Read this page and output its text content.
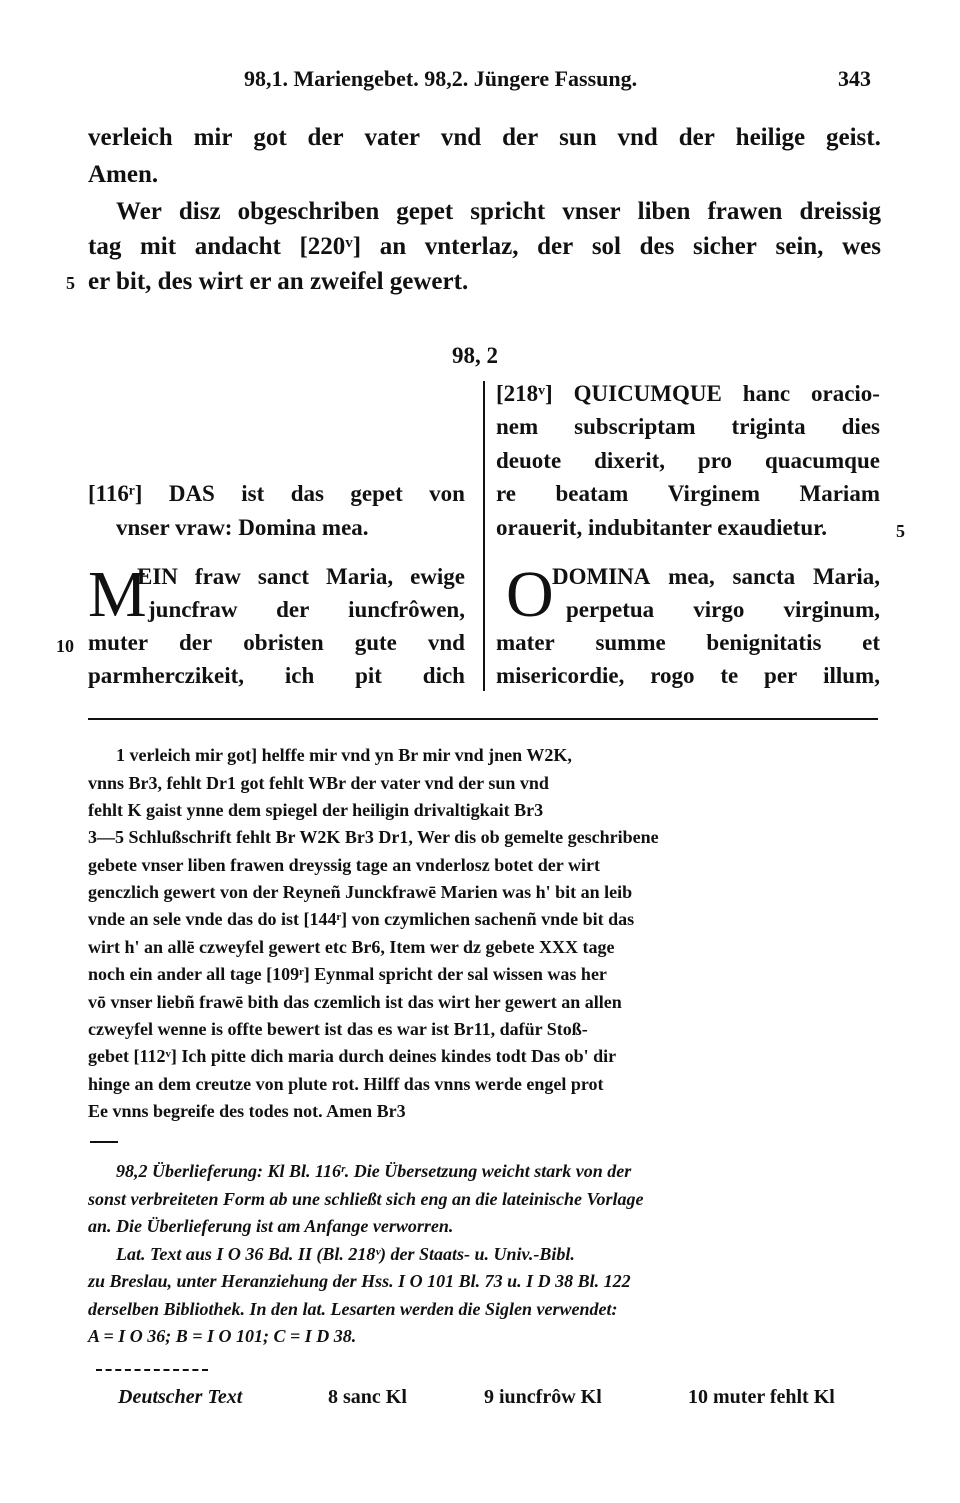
98,1. Mariengebet. 98,2. Jüngere Fassung.	343
verleich mir got der vater vnd der sun vnd der heilige geist.
Amen.
Wer disz obgeschriben gepet spricht vnser liben frawen dreissig
tag mit andacht [220ᵛ] an vnterlaz, der sol des sicher sein, wes
5 er bit, des wirt er an zweifel gewert.
98, 2
[218ᵛ] QUICUMQUE hanc oracio-
nem subscriptam triginta dies
deuote dixerit, pro quacumque
re beatam Virginem Mariam
orauerit, indubitanter exaudietur.	5
[116ʳ] DAS ist das gepet von
vnser vraw: Domina mea.
M
EIN fraw sanct Maria, ewige
juncfraw der iuncfrôwen,
10 muter der obristen gute vnd
parmherczikeit, ich pit dich
O
DOMINA mea, sancta Maria,
perpetua virgo virginum,
mater summe benignitatis et
misericordie, rogo te per illum,
1 verleich mir got] helffe mir vnd yn Br mir vnd jnen W2K,
vnns Br3, fehlt Dr1 got fehlt WBr der vater vnd der sun vnd
fehlt K gaist ynne dem spiegel der heiligin drivaltigkait Br3
3—5 Schlußschrift fehlt Br W2K Br3 Dr1, Wer dis ob gemelte geschribene
gebete vnser liben frawen dreyssig tage an vnderlosz botet der wirt
genczlich gewert von der Reyneñ Junckfrawē Marien was h' bit an leib
vnde an sele vnde das do ist [144ʳ] von czymlichen sachenñ vnde bit das
wirt h' an allē czweyfel gewert etc Br6, Item wer dz gebete XXX tage
noch ein ander all tage [109ʳ] Eynmal spricht der sal wissen was her
vō vnser liebñ frawē bith das czemlich ist das wirt her gewert an allen
czweyfel wenne is offte bewert ist das es war ist Br11, dafür Stoß-
gebet [112ᵛ] Ich pitte dich maria durch deines kindes todt Das ob' dir
hinge an dem creutze von plute rot. Hilff das vnns werde engel prot
Ee vnns begreife des todes not. Amen Br3
98,2 Überlieferung: Kl Bl. 116ʳ. Die Übersetzung weicht stark von der
sonst verbreiteten Form ab une schließt sich eng an die lateinische Vorlage
an. Die Überlieferung ist am Anfange verworren.
Lat. Text aus I O 36 Bd. II (Bl. 218ᵛ) der Staats- u. Univ.-Bibl.
zu Breslau, unter Heranziehung der Hss. I O 101 Bl. 73 u. I D 38 Bl. 122
derselben Bibliothek. In den lat. Lesarten werden die Siglen verwendet:
A = I O 36; B = I O 101; C = I D 38.
Deutscher Text	8 sanc Kl	9 iuncfrôw Kl	10 muter fehlt Kl
